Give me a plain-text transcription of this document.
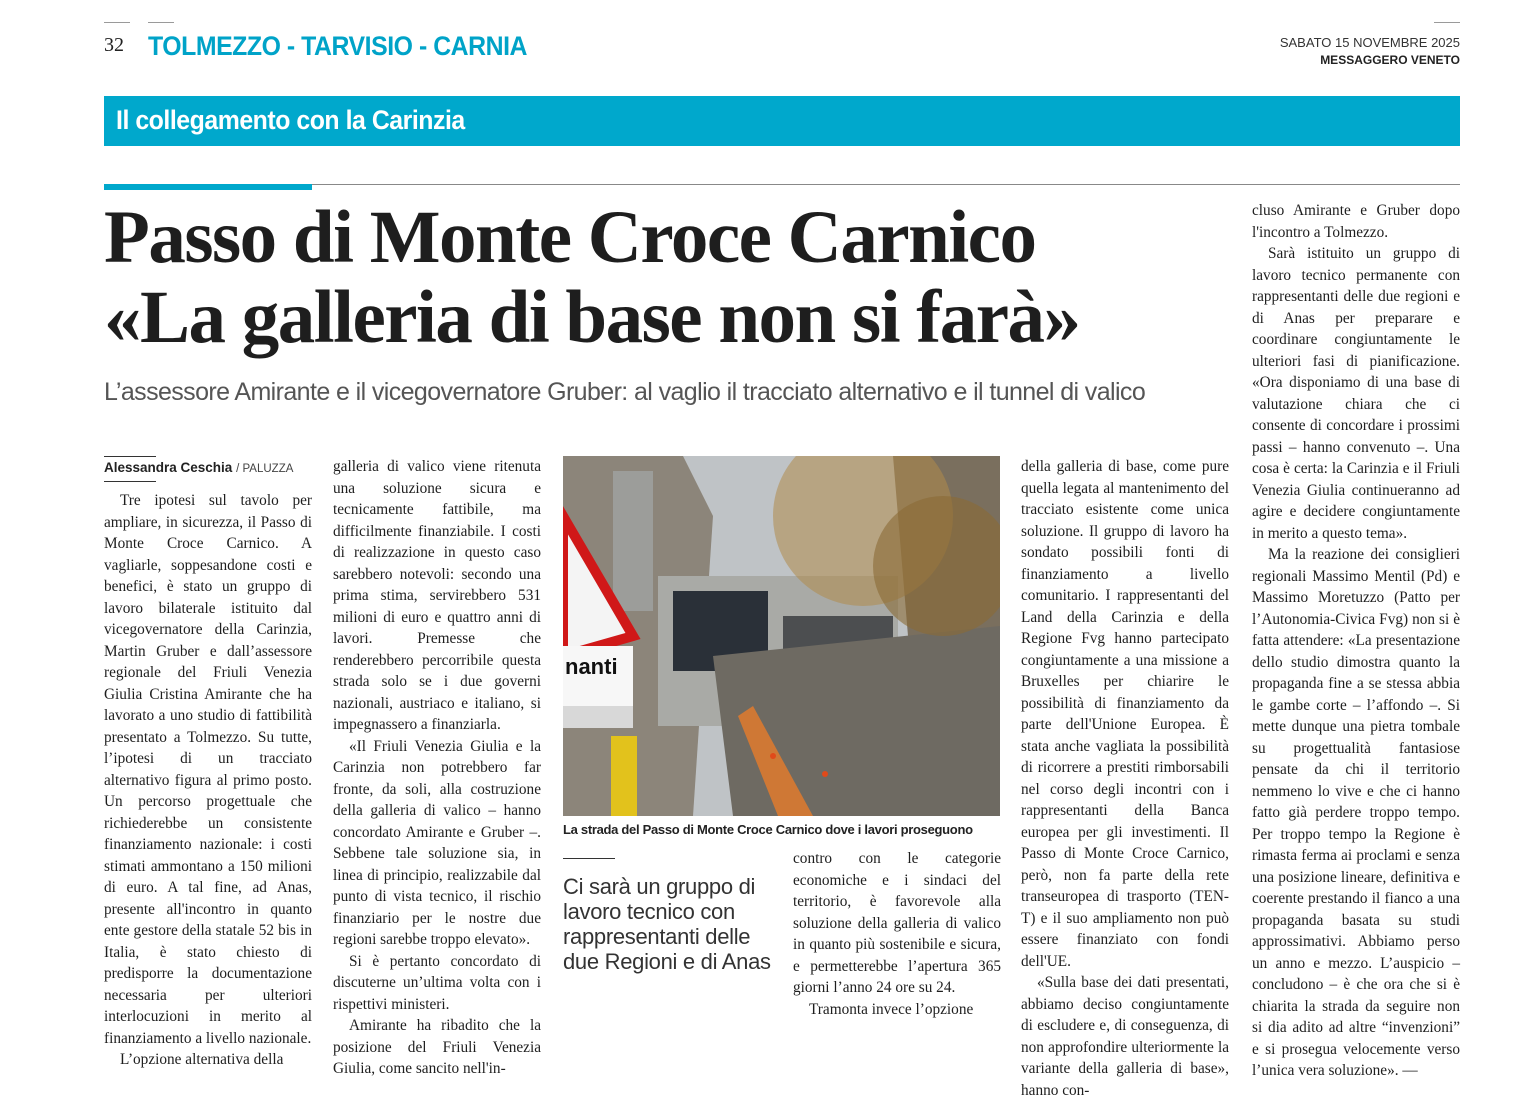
32 TOLMEZZO - TARVISIO - CARNIA	SABATO 15 NOVEMBRE 2025
MESSAGGERO VENETO
Il collegamento con la Carinzia
Passo di Monte Croce Carnico
«La galleria di base non si farà»
L’assessore Amirante e il vicegovernatore Gruber: al vaglio il tracciato alternativo e il tunnel di valico
Alessandra Ceschia / PALUZZA

Tre ipotesi sul tavolo per ampliare, in sicurezza, il Passo di Monte Croce Carnico. A vagliarle, soppesandone costi e benefici, è stato un gruppo di lavoro bilaterale istituito dal vicegovernatore della Carinzia, Martin Gruber e dall’assessore regionale del Friuli Venezia Giulia Cristina Amirante che ha lavorato a uno studio di fattibilità presentato a Tolmezzo. Su tutte, l’ipotesi di un tracciato alternativo figura al primo posto. Un percorso progettuale che richiederebbe un consistente finanziamento nazionale: i costi stimati ammontano a 150 milioni di euro. A tal fine, ad Anas, presente all'incontro in quanto ente gestore della statale 52 bis in Italia, è stato chiesto di predisporre la documentazione necessaria per ulteriori interlocuzioni in merito al finanziamento a livello nazionale.

L’opzione alternativa della

galleria di valico viene ritenuta una soluzione sicura e tecnicamente fattibile, ma difficilmente finanziabile. I costi di realizzazione in questo caso sarebbero notevoli: secondo una prima stima, servirebbero 531 milioni di euro e quattro anni di lavori. Premesse che renderebbero percorribile questa strada solo se i due governi nazionali, austriaco e italiano, si impegnassero a finanziarla.

«Il Friuli Venezia Giulia e la Carinzia non potrebbero far fronte, da soli, alla costruzione della galleria di valico – hanno concordato Amirante e Gruber –. Sebbene tale soluzione sia, in linea di principio, realizzabile dal punto di vista tecnico, il rischio finanziario per le nostre due regioni sarebbe troppo elevato».

Si è pertanto concordato di discuterne un’ultima volta con i rispettivi ministeri.

Amirante ha ribadito che la posizione del Friuli Venezia Giulia, come sancito nell'in-

nanti
La strada del Passo di Monte Croce Carnico dove i lavori proseguono
Ci sarà un gruppo di lavoro tecnico con rappresentanti delle due Regioni e di Anas

contro con le categorie economiche e i sindaci del territorio, è favorevole alla soluzione della galleria di valico in quanto più sostenibile e sicura, e permetterebbe l’apertura 365 giorni l’anno 24 ore su 24.

Tramonta invece l’opzione

della galleria di base, come pure quella legata al mantenimento del tracciato esistente come unica soluzione. Il gruppo di lavoro ha sondato possibili fonti di finanziamento a livello comunitario. I rappresentanti del Land della Carinzia e della Regione Fvg hanno partecipato congiuntamente a una missione a Bruxelles per chiarire le possibilità di finanziamento da parte dell'Unione Europea. È stata anche vagliata la possibilità di ricorrere a prestiti rimborsabili nel corso degli incontri con i rappresentanti della Banca europea per gli investimenti. Il Passo di Monte Croce Carnico, però, non fa parte della rete transeuropea di trasporto (TEN-T) e il suo ampliamento non può essere finanziato con fondi dell'UE.

«Sulla base dei dati presentati, abbiamo deciso congiuntamente di escludere e, di conseguenza, di non approfondire ulteriormente la variante della galleria di base», hanno con-

cluso Amirante e Gruber dopo l'incontro a Tolmezzo.

Sarà istituito un gruppo di lavoro tecnico permanente con rappresentanti delle due regioni e di Anas per preparare e coordinare congiuntamente le ulteriori fasi di pianificazione. «Ora disponiamo di una base di valutazione chiara che ci consente di concordare i prossimi passi – hanno convenuto –. Una cosa è certa: la Carinzia e il Friuli Venezia Giulia continueranno ad agire e decidere congiuntamente in merito a questo tema».

Ma la reazione dei consiglieri regionali Massimo Mentil (Pd) e Massimo Moretuzzo (Patto per l’Autonomia-Civica Fvg) non si è fatta attendere: «La presentazione dello studio dimostra quanto la propaganda fine a se stessa abbia le gambe corte – l’affondo –. Si mette dunque una pietra tombale su progettualità fantasiose pensate da chi il territorio nemmeno lo vive e che ci hanno fatto già perdere troppo tempo. Per troppo tempo la Regione è rimasta ferma ai proclami e senza una posizione lineare, definitiva e coerente prestando il fianco a una propaganda basata su studi approssimativi. Abbiamo perso un anno e mezzo. L’auspicio – concludono – è che ora che si è chiarita la strada da seguire non si dia adito ad altre “invenzioni” e si prosegua velocemente verso l’unica vera soluzione». —
